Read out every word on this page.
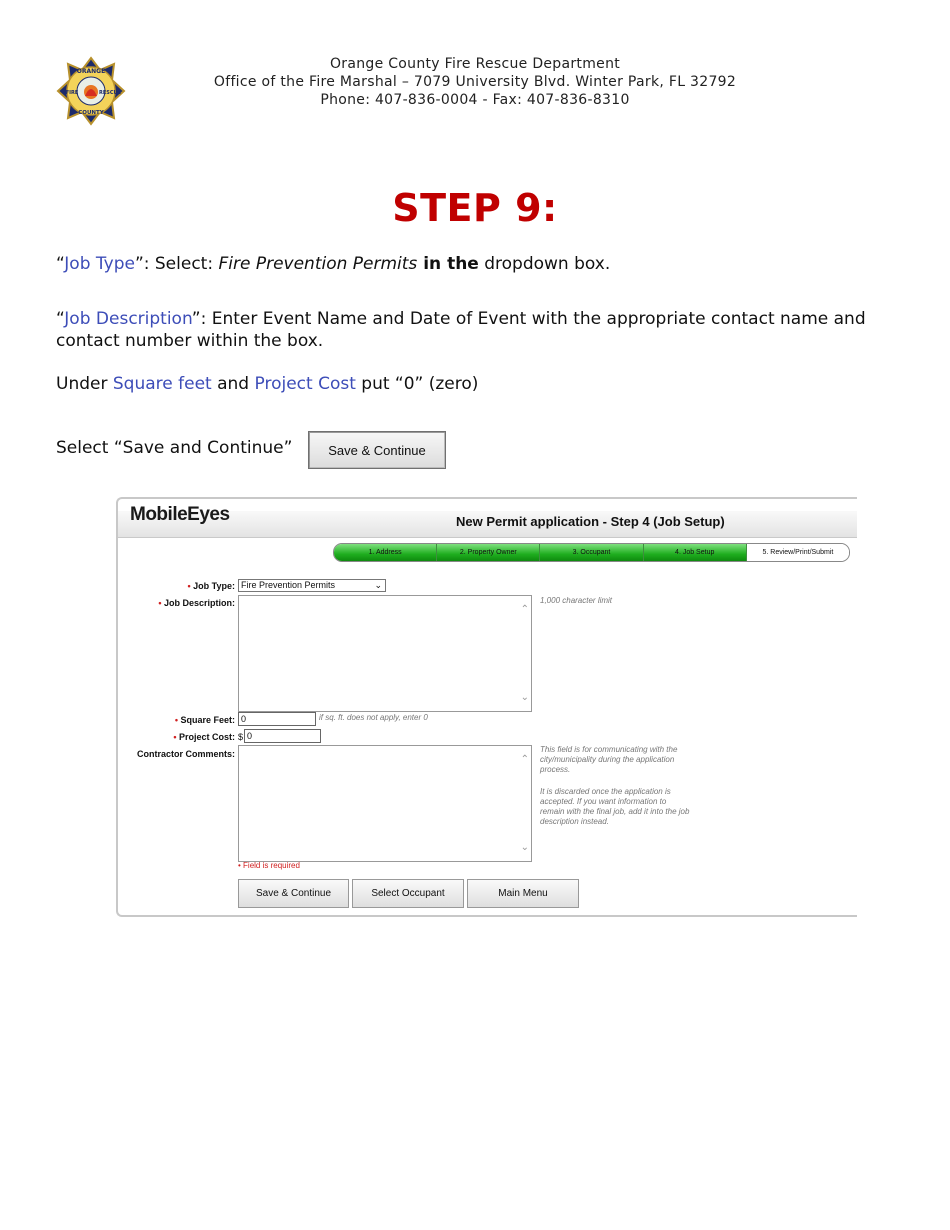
ORANGE
FIRE	RESCUE
COUNTY
Orange County Fire Rescue Department
Office of the Fire Marshal – 7079 University Blvd. Winter Park, FL 32792
Phone: 407-836-0004 - Fax: 407-836-8310
STEP 9:
“Job Type”: Select: Fire Prevention Permits in the dropdown box.
“Job Description”: Enter Event Name and Date of Event with the appropriate contact name and contact number within the box.
Under Square feet and Project Cost put “0” (zero)
Select “Save and Continue”	Save & Continue
MobileEyes	New Permit application - Step 4 (Job Setup)
1. Address	2. Property Owner	3. Occupant	4. Job Setup	5. Review/Print/Submit
• Job Type: Fire Prevention Permits	⌄
• Job Description:
⌃
⌄
1,000 character limit
• Square Feet: 0	if sq. ft. does not apply, enter 0
• Project Cost: $ 0
Contractor Comments:	⌃
⌄
This field is for communicating with the city/municipality during the application process.
It is discarded once the application is accepted. If you want information to remain with the final job, add it into the job description instead.
• Field is required
Save & Continue	Select Occupant	Main Menu
